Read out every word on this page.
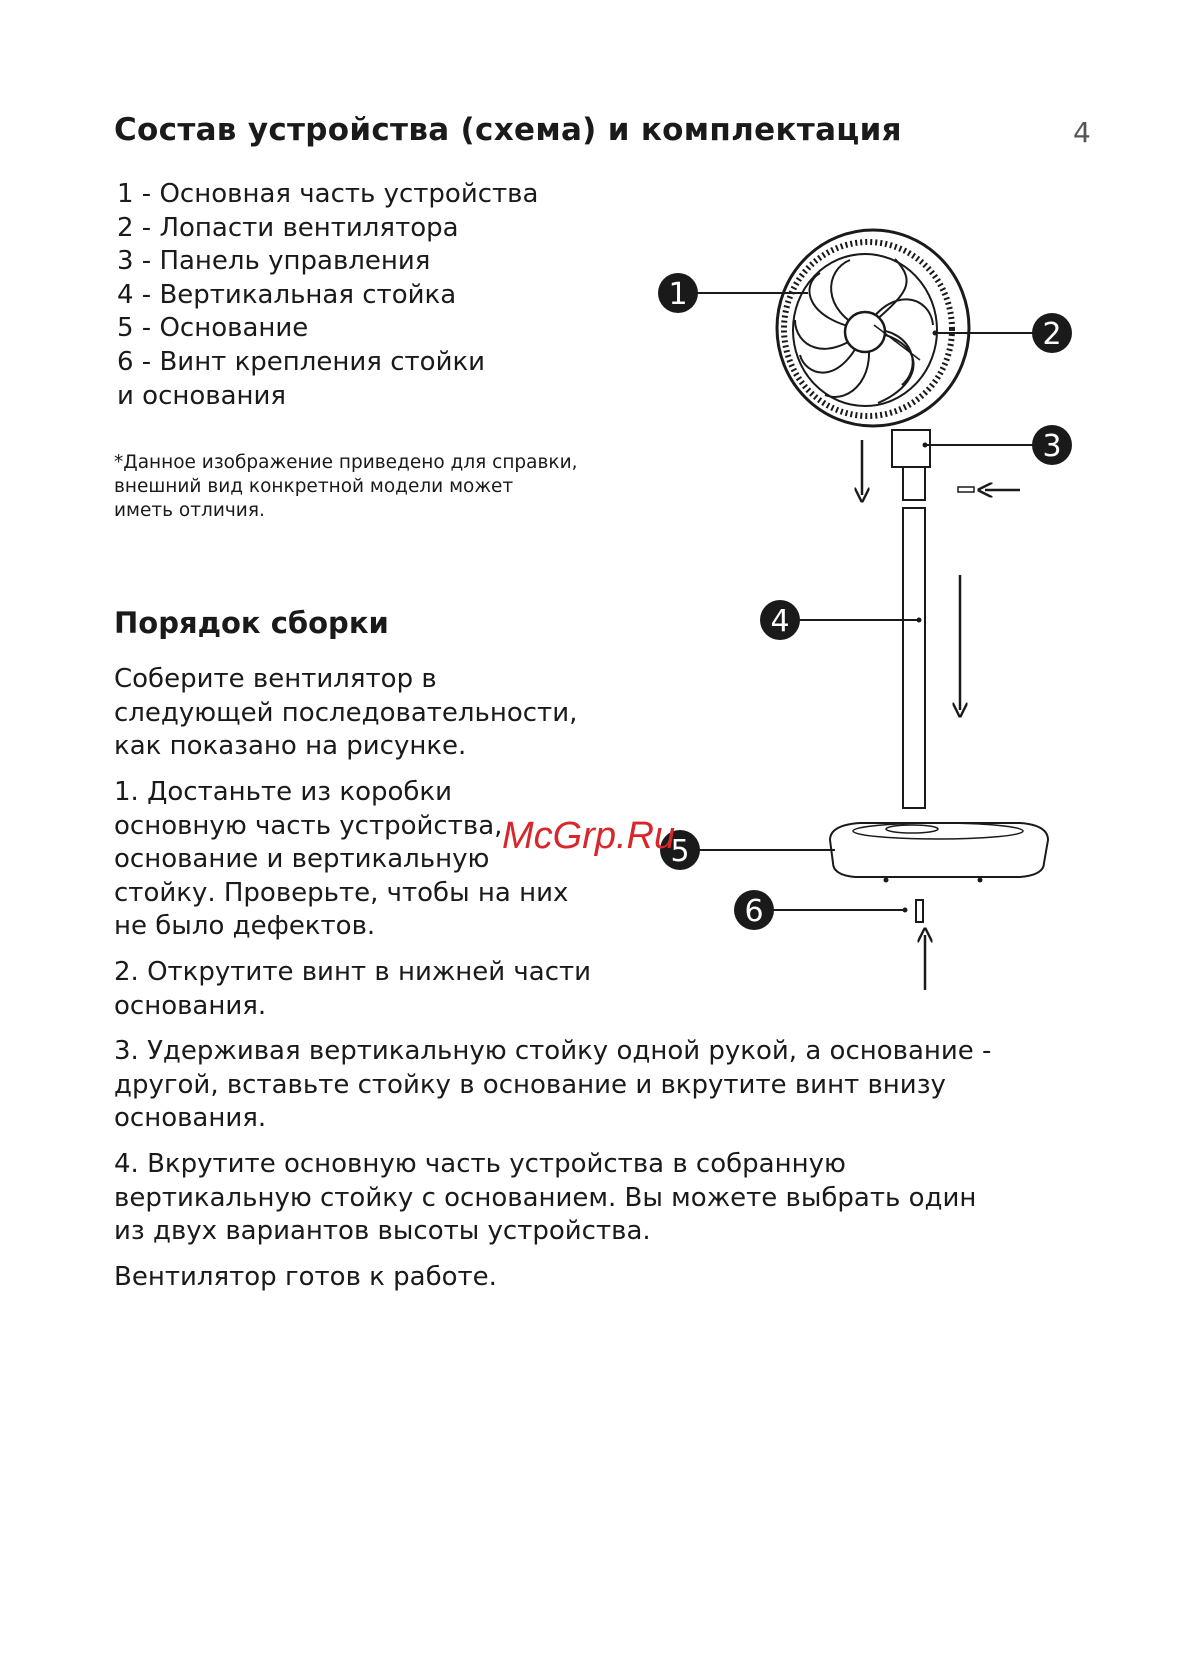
Состав устройства (схема) и комплектация	4
1 - Основная часть устройства
2 - Лопасти вентилятора
3 - Панель управления
4 - Вертикальная стойка
5 - Основание
6 - Винт крепления стойки
и основания
*Данное изображение приведено для справки,
внешний вид конкретной модели может
иметь отличия.
Порядок сборки
Соберите вентилятор в
следующей последовательности,
как показано на рисунке.
1. Достаньте из коробки
основную часть устройства,
основание и вертикальную
стойку. Проверьте, чтобы на них
не было дефектов.
2. Открутите винт в нижней части
основания.
3. Удерживая вертикальную стойку одной рукой, а основание -
другой, вставьте стойку в основание и вкрутите винт внизу
основания.
4. Вкрутите основную часть устройства в собранную
вертикальную стойку с основанием. Вы можете выбрать один
из двух вариантов высоты устройства.
Вентилятор готов к работе.
1
2
3
4
5
6
McGrp.Ru
